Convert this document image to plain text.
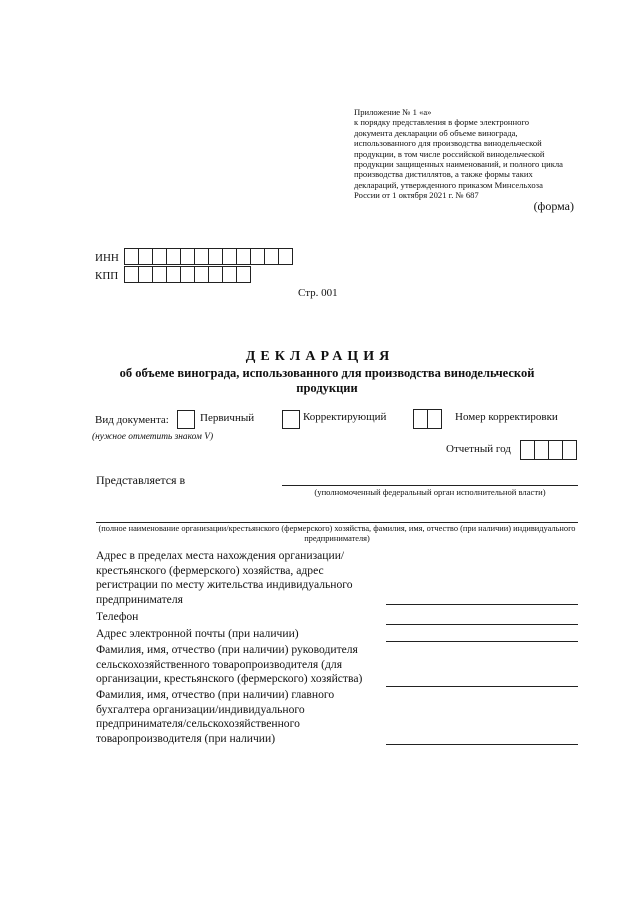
Приложение № 1 «а»
к порядку представления в форме электронного
документа декларации об объеме винограда,
использованного для производства винодельческой
продукции, в том числе российской винодельческой
продукции защищенных наименований, и полного цикла
производства дистиллятов, а также формы таких
деклараций, утвержденного приказом Минсельхоза
России от 1 октября 2021 г. № 687
(форма)
ИНН
КПП
Стр. 001
ДЕКЛАРАЦИЯ
об объеме винограда, использованного для производства винодельческой продукции
Вид документа:	Первичный	Корректирующий	Номер корректировки
(нужное отметить знаком V)
Отчетный год
Представляется в
(уполномоченный федеральный орган исполнительной власти)
(полное наименование организации/крестьянского (фермерского) хозяйства, фамилия, имя, отчество (при наличии) индивидуального предпринимателя)
Адрес в пределах места нахождения организации/ крестьянского (фермерского) хозяйства, адрес регистрации по месту жительства индивидуального предпринимателя
Телефон
Адрес электронной почты (при наличии)
Фамилия, имя, отчество (при наличии) руководителя сельскохозяйственного товаропроизводителя (для организации, крестьянского (фермерского) хозяйства)
Фамилия, имя, отчество (при наличии) главного бухгалтера организации/индивидуального предпринимателя/сельскохозяйственного товаропроизводителя (при наличии)
